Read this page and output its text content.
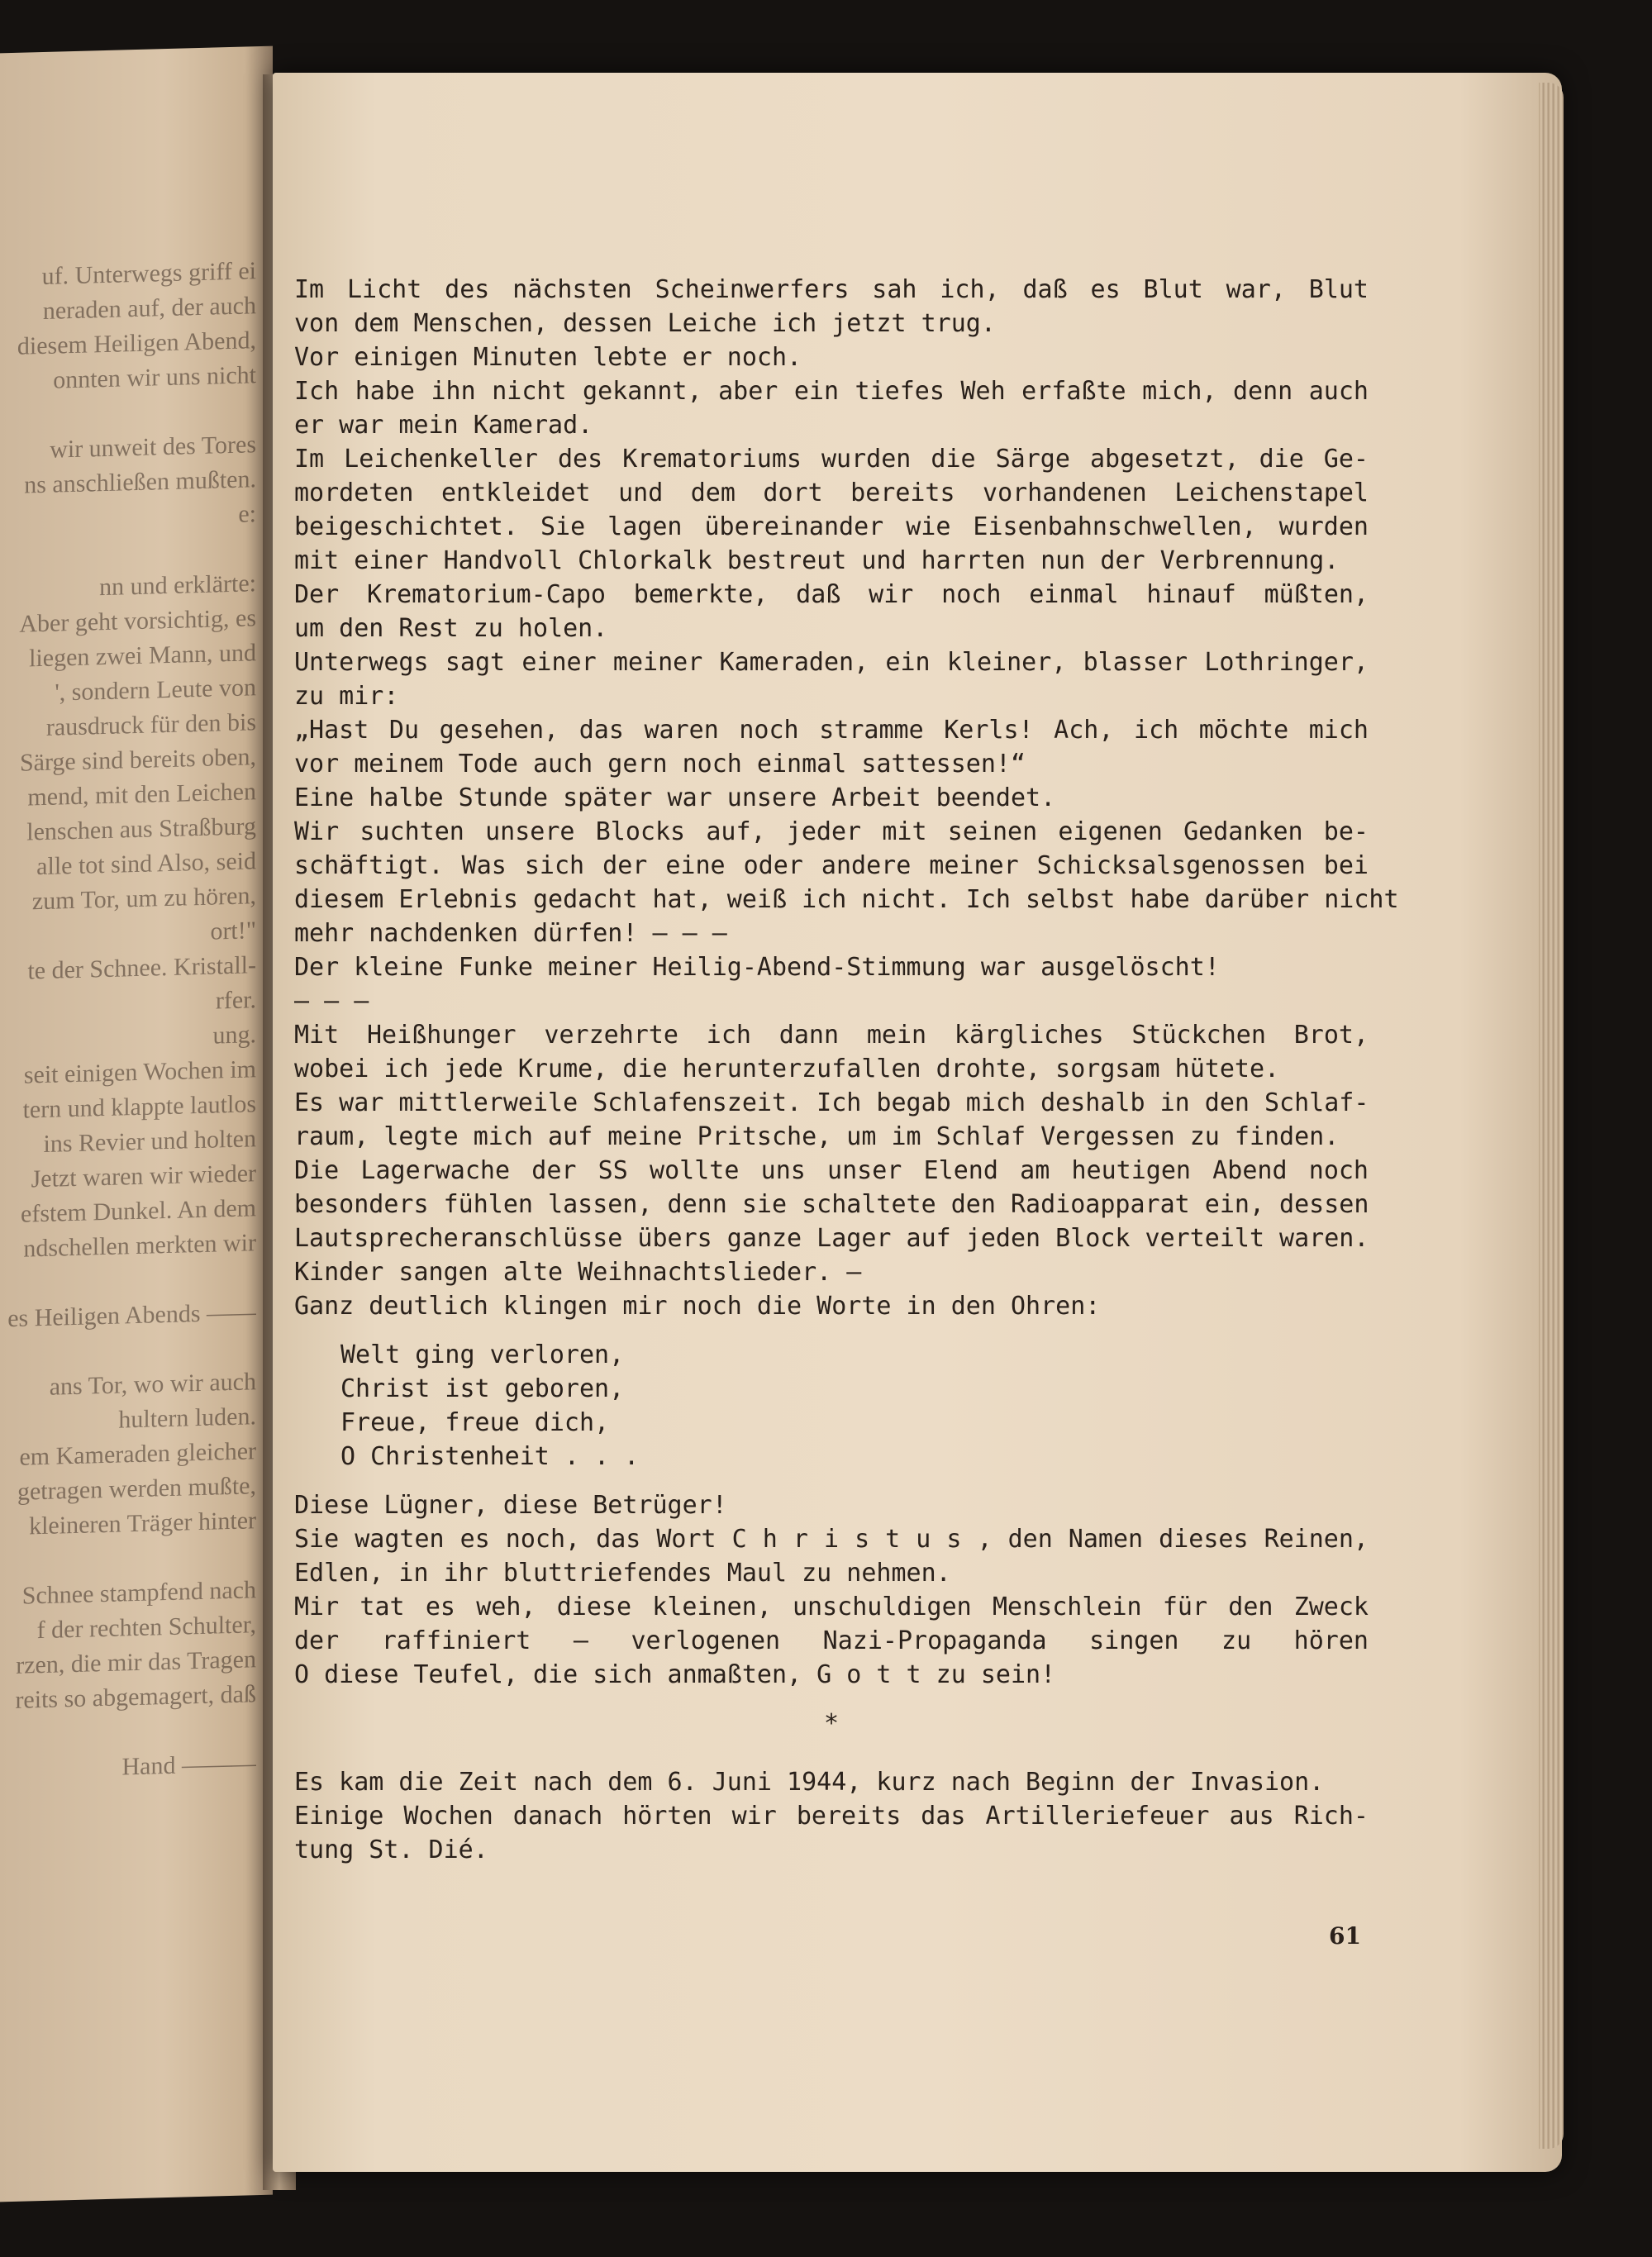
uf. Unterwegs griff ei
neraden auf, der auch
diesem Heiligen Abend,
onnten wir uns nicht
wir unweit des Tores
ns anschließen mußten.
e:
nn und erklärte:
Aber geht vorsichtig, es
liegen zwei Mann, und
', sondern Leute von
rausdruck für den bis
Särge sind bereits oben,
mend, mit den Leichen
lenschen aus Straßburg
alle tot sind Also, seid
zum Tor, um zu hören,
ort!"
te der Schnee. Kristall-
rfer.
ung.
seit einigen Wochen im
tern und klappte lautlos
ins Revier und holten
Jetzt waren wir wieder
efstem Dunkel. An dem
ndschellen merkten wir
es Heiligen Abends ——
ans Tor, wo wir auch
hultern luden.
em Kameraden gleicher
getragen werden mußte,
kleineren Träger hinter
Schnee stampfend nach
f der rechten Schulter,
rzen, die mir das Tragen
reits so abgemagert, daß
Hand ———
Im Licht des nächsten Scheinwerfers sah ich, daß es Blut war, Blut
von dem Menschen, dessen Leiche ich jetzt trug.
Vor einigen Minuten lebte er noch.
Ich habe ihn nicht gekannt, aber ein tiefes Weh erfaßte mich, denn auch
er war mein Kamerad.
Im Leichenkeller des Krematoriums wurden die Särge abgesetzt, die Ge-
mordeten entkleidet und dem dort bereits vorhandenen Leichenstapel
beigeschichtet. Sie lagen übereinander wie Eisenbahnschwellen, wurden
mit einer Handvoll Chlorkalk bestreut und harrten nun der Verbrennung.
Der Krematorium-Capo bemerkte, daß wir noch einmal hinauf müßten,
um den Rest zu holen.
Unterwegs sagt einer meiner Kameraden, ein kleiner, blasser Lothringer,
zu mir:
„Hast Du gesehen, das waren noch stramme Kerls! Ach, ich möchte mich
vor meinem Tode auch gern noch einmal sattessen!“
Eine halbe Stunde später war unsere Arbeit beendet.
Wir suchten unsere Blocks auf, jeder mit seinen eigenen Gedanken be-
schäftigt. Was sich der eine oder andere meiner Schicksalsgenossen bei
diesem Erlebnis gedacht hat, weiß ich nicht. Ich selbst habe darüber nicht
mehr nachdenken dürfen! — — —
Der kleine Funke meiner Heilig-Abend-Stimmung war ausgelöscht!
— — —
Mit Heißhunger verzehrte ich dann mein kärgliches Stückchen Brot,
wobei ich jede Krume, die herunterzufallen drohte, sorgsam hütete.
Es war mittlerweile Schlafenszeit. Ich begab mich deshalb in den Schlaf-
raum, legte mich auf meine Pritsche, um im Schlaf Vergessen zu finden.
Die Lagerwache der SS wollte uns unser Elend am heutigen Abend noch
besonders fühlen lassen, denn sie schaltete den Radioapparat ein, dessen
Lautsprecheranschlüsse übers ganze Lager auf jeden Block verteilt waren.
Kinder sangen alte Weihnachtslieder. —
Ganz deutlich klingen mir noch die Worte in den Ohren:
Welt ging verloren,
Christ ist geboren,
Freue, freue dich,
O Christenheit . . .
Diese Lügner, diese Betrüger!
Sie wagten es noch, das Wort C h r i s t u s , den Namen dieses Reinen,
Edlen, in ihr bluttriefendes Maul zu nehmen.
Mir tat es weh, diese kleinen, unschuldigen Menschlein für den Zweck
der raffiniert — verlogenen Nazi-Propaganda singen zu hören
O diese Teufel, die sich anmaßten, G o t t zu sein!
*
Es kam die Zeit nach dem 6. Juni 1944, kurz nach Beginn der Invasion.
Einige Wochen danach hörten wir bereits das Artilleriefeuer aus Rich-
tung St. Dié.
61
